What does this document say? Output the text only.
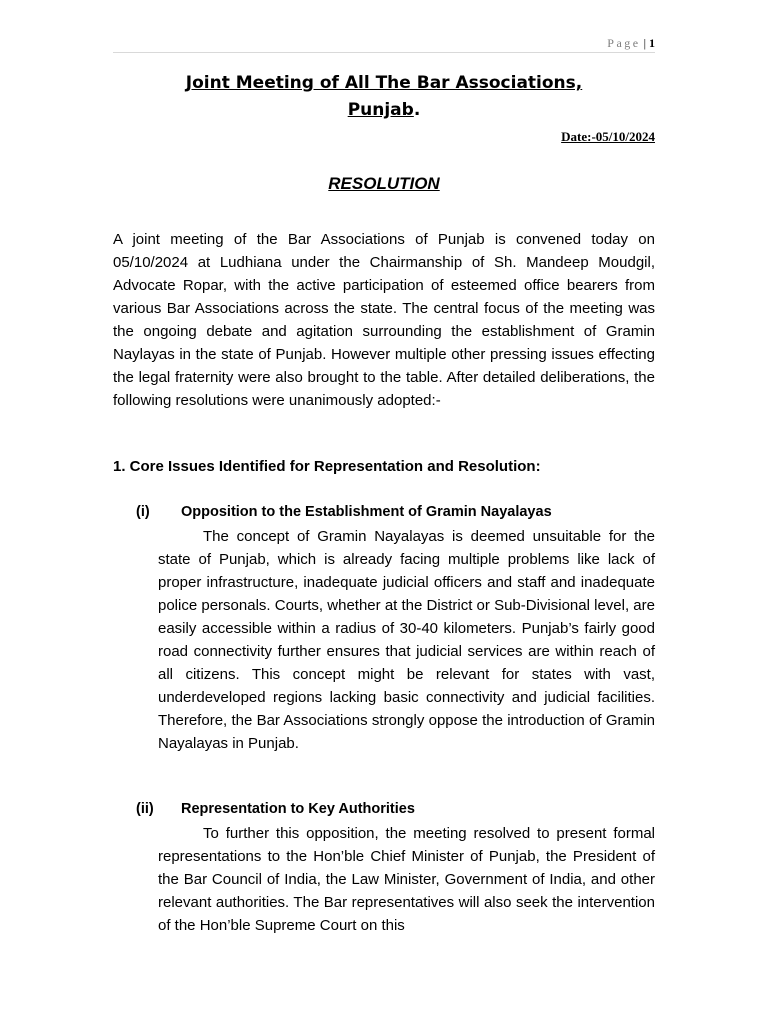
Page | 1
Joint Meeting of All The Bar Associations,
Punjab.
Date:-05/10/2024
RESOLUTION

A joint meeting of the Bar Associations of Punjab is convened today on 05/10/2024 at Ludhiana under the Chairmanship of Sh. Mandeep Moudgil, Advocate Ropar, with the active participation of esteemed office bearers from various Bar Associations across the state. The central focus of the meeting was the ongoing debate and agitation surrounding the establishment of Gramin Naylayas in the state of Punjab. However multiple other pressing issues effecting the legal fraternity were also brought to the table. After detailed deliberations, the following resolutions were unanimously adopted:-

1. Core Issues Identified for Representation and Resolution:
(i) Opposition to the Establishment of Gramin Nayalayas

The concept of Gramin Nayalayas is deemed unsuitable for the state of Punjab, which is already facing multiple problems like lack of proper infrastructure, inadequate judicial officers and staff and inadequate police personals. Courts, whether at the District or Sub-Divisional level, are easily accessible within a radius of 30-40 kilometers. Punjab’s fairly good road connectivity further ensures that judicial services are within reach of all citizens. This concept might be relevant for states with vast, underdeveloped regions lacking basic connectivity and judicial facilities. Therefore, the Bar Associations strongly oppose the introduction of Gramin Nayalayas in Punjab.

(ii) Representation to Key Authorities

To further this opposition, the meeting resolved to present formal representations to the Hon’ble Chief Minister of Punjab, the President of the Bar Council of India, the Law Minister, Government of India, and other relevant authorities. The Bar representatives will also seek the intervention of the Hon’ble Supreme Court on this
